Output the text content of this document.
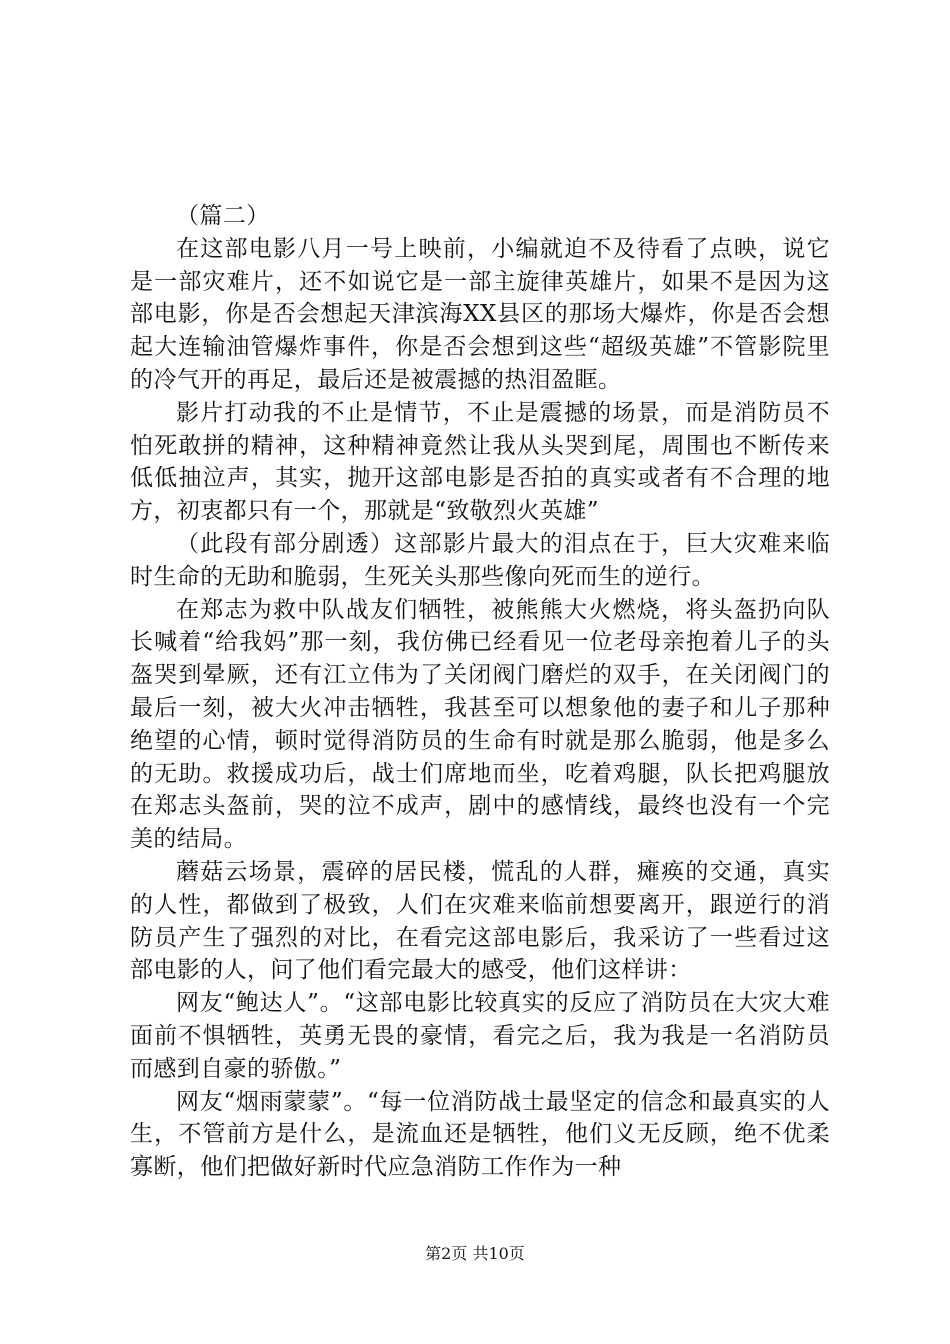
（篇二）

在这部电影八月一号上映前，小编就迫不及待看了点映，说它是一部灾难片，还不如说它是一部主旋律英雄片，如果不是因为这部电影，你是否会想起天津滨海XX县区的那场大爆炸，你是否会想起大连输油管爆炸事件，你是否会想到这些“超级英雄”不管影院里的冷气开的再足，最后还是被震撼的热泪盈眶。

影片打动我的不止是情节，不止是震撼的场景，而是消防员不怕死敢拼的精神，这种精神竟然让我从头哭到尾，周围也不断传来低低抽泣声，其实，抛开这部电影是否拍的真实或者有不合理的地方，初衷都只有一个，那就是“致敬烈火英雄”

（此段有部分剧透）这部影片最大的泪点在于，巨大灾难来临时生命的无助和脆弱，生死关头那些像向死而生的逆行。

在郑志为救中队战友们牺牲，被熊熊大火燃烧，将头盔扔向队长喊着“给我妈”那一刻，我仿佛已经看见一位老母亲抱着儿子的头盔哭到晕厥，还有江立伟为了关闭阀门磨烂的双手，在关闭阀门的最后一刻，被大火冲击牺牲，我甚至可以想象他的妻子和儿子那种绝望的心情，顿时觉得消防员的生命有时就是那么脆弱，他是多么的无助。救援成功后，战士们席地而坐，吃着鸡腿，队长把鸡腿放在郑志头盔前，哭的泣不成声，剧中的感情线，最终也没有一个完美的结局。

蘑菇云场景，震碎的居民楼，慌乱的人群，瘫痪的交通，真实的人性，都做到了极致，人们在灾难来临前想要离开，跟逆行的消防员产生了强烈的对比，在看完这部电影后，我采访了一些看过这部电影的人，问了他们看完最大的感受，他们这样讲：

网友“鲍达人”。“这部电影比较真实的反应了消防员在大灾大难面前不惧牺牲，英勇无畏的豪情，看完之后，我为我是一名消防员而感到自豪的骄傲。”

网友“烟雨蒙蒙”。“每一位消防战士最坚定的信念和最真实的人生，不管前方是什么，是流血还是牺牲，他们义无反顾，绝不优柔寡断，他们把做好新时代应急消防工作作为一种

第2页 共10页
